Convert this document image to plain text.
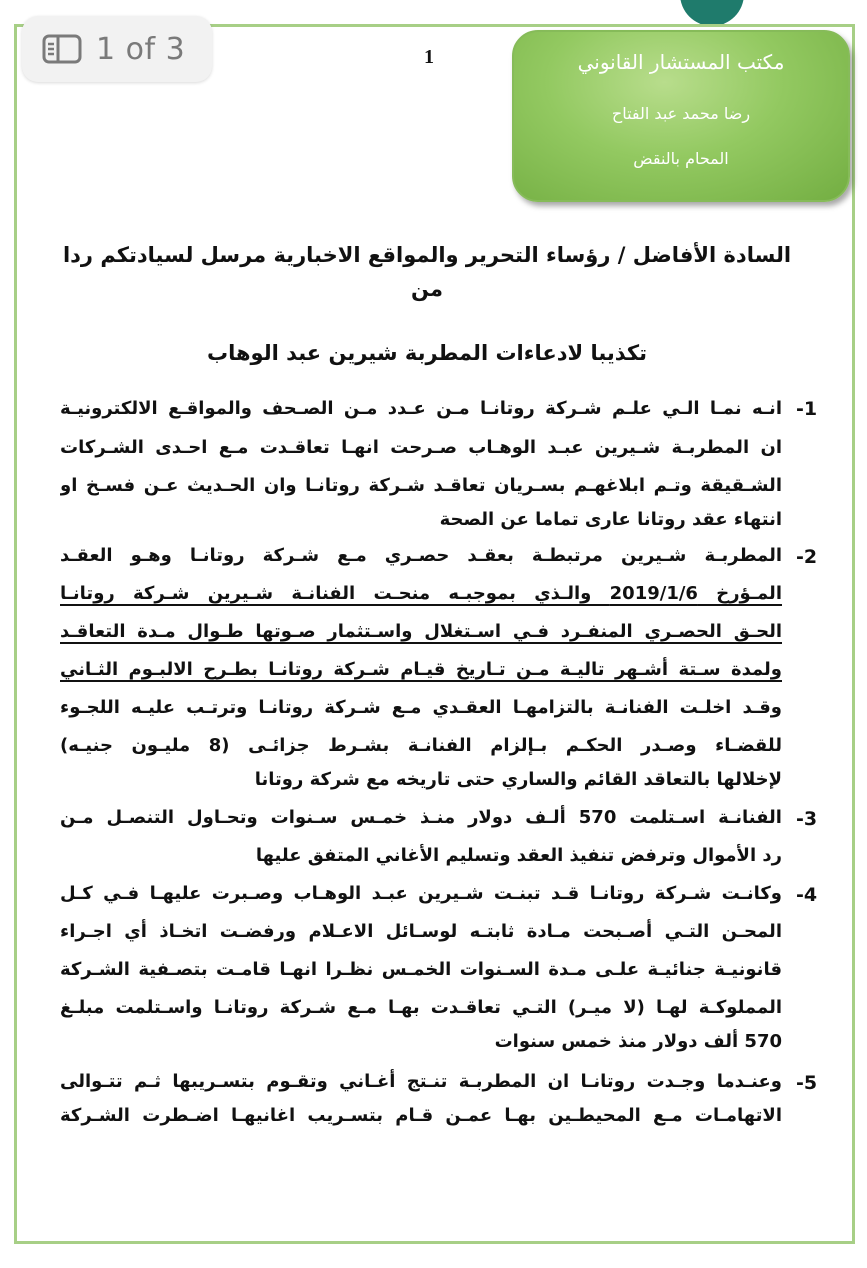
1 of 3	1	مكتب المستشار القانوني
رضا محمد عبد الفتاح
المحام بالنقض
السادة الأفاضل / رؤساء التحرير والمواقع الاخبارية مرسل لسيادتكم ردا
من
تكذيبا لادعاءات المطربة شيرين عبد الوهاب
-1
انـه نمـا الـي علـم شـركة روتانـا مـن عـدد مـن الصـحف والمواقـع الالكترونيـة
ان المطربـة شـيرين عبـد الوهـاب صـرحت انهـا تعاقـدت مـع احـدى الشـركات
الشـقيقة وتـم ابلاغهـم بسـريان تعاقـد شـركة روتانـا وان الحـديث عـن فسـخ او
انتهاء عقد روتانا عارى تماما عن الصحة
-2
المطربـة شـيرين مرتبطـة بعقـد حصـري مـع شـركة روتانـا وهـو العقـد
المـؤرخ 2019/1/6 والـذي بموجبـه منحـت الفنانـة شـيرين شـركة روتانـا
الحـق الحصـري المنفـرد فـي اسـتغلال واسـتثمار صـوتها طـوال مـدة التعاقـد
ولمدة سـتة أشـهر تاليـة مـن تـاريخ قيـام شـركة روتانـا بطـرح الالبـوم الثـاني
وقـد اخلـت الفنانـة بالتزامهـا العقـدي مـع شـركة روتانـا وترتـب عليـه اللجـوء
للقضـاء وصـدر الحكـم بـإلزام الفنانـة بشـرط جزائـى (8 مليـون جنيـه)
لإخلالها بالتعاقد القائم والساري حتى تاريخه مع شركة روتانا
-3
الفنانـة اسـتلمت 570 ألـف دولار منـذ خمـس سـنوات وتحـاول التنصـل مـن
رد الأموال وترفض تنفيذ العقد وتسليم الأغاني المتفق عليها
-4
وكانـت شـركة روتانـا قـد تبنـت شـيرين عبـد الوهـاب وصـبرت عليهـا فـي كـل
المحـن التـي أصـبحت مـادة ثابتـه لوسـائل الاعـلام ورفضـت اتخـاذ أي اجـراء
قانونيـة جنائيـة علـى مـدة السـنوات الخمـس نظـرا انهـا قامـت بتصـفية الشـركة
المملوكـة لهـا (لا ميـر) التـي تعاقـدت بهـا مـع شـركة روتانـا واسـتلمت مبلـغ
570 ألف دولار منذ خمس سنوات
-5
وعنـدما وجـدت روتانـا ان المطربـة تنـتج أغـاني وتقـوم بتسـريبها ثـم تتـوالى
الاتهامـات مـع المحيطـين بهـا عمـن قـام بتسـريب اغانيهـا اضـطرت الشـركة
